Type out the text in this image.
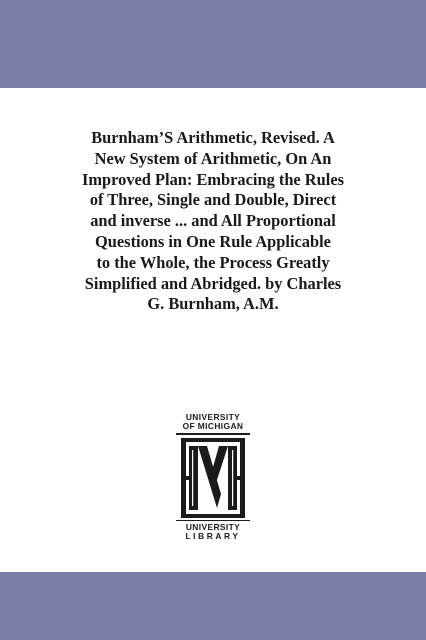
Burnham’S Arithmetic, Revised. A
New System of Arithmetic, On An
Improved Plan: Embracing the Rules
of Three, Single and Double, Direct
and inverse ... and All Proportional
Questions in One Rule Applicable
to the Whole, the Process Greatly
Simplified and Abridged. by Charles
G. Burnham, A.M.
UNIVERSITY
OF MICHIGAN
UNIVERSITY
LIBRARY
